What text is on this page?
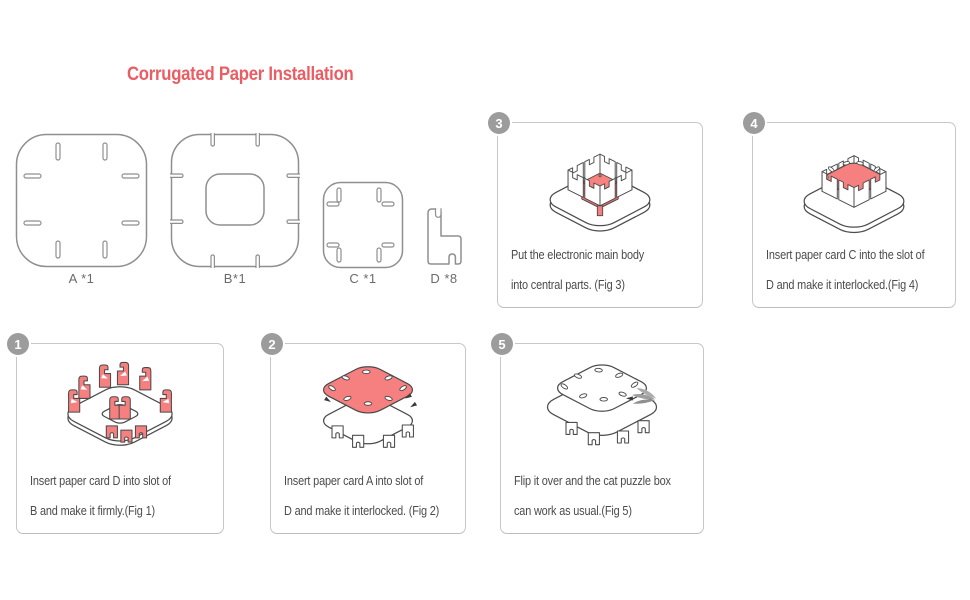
Corrugated Paper Installation
A *1	B*1	C *1	D *8
3
Put the electronic main body
into central parts. (Fig 3)
4
Insert paper card C into the slot of
D and make it interlocked.(Fig 4)
1
Insert paper card D into slot of
B and make it firmly.(Fig 1)
2
Insert paper card A into slot of
D and make it interlocked. (Fig 2)
5
Flip it over and the cat puzzle box
can work as usual.(Fig 5)
